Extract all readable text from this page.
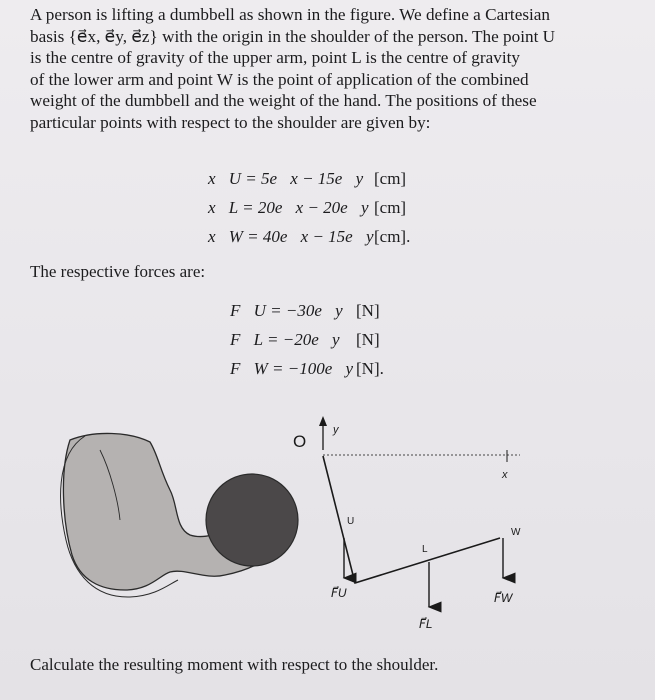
A person is lifting a dumbbell as shown in the figure. We define a Cartesian

basis {e⃗x, e⃗y, e⃗z} with the origin in the shoulder of the person. The point U

is the centre of gravity of the upper arm, point L is the centre of gravity

of the lower arm and point W is the point of application of the combined

weight of the dumbbell and the weight of the hand. The positions of these

particular points with respect to the shoulder are given by:

x⃗U = 5e⃗x − 15e⃗y [cm]
x⃗L = 20e⃗x − 20e⃗y [cm]
x⃗W = 40e⃗x − 15e⃗y[cm].
The respective forces are:
F⃗U = −30e⃗y [N]
F⃗L = −20e⃗y [N]
F⃗W = −100e⃗y [N].
O
y
x
U
F⃗U
L
F⃗L
W
F⃗W
Calculate the resulting moment with respect to the shoulder.
